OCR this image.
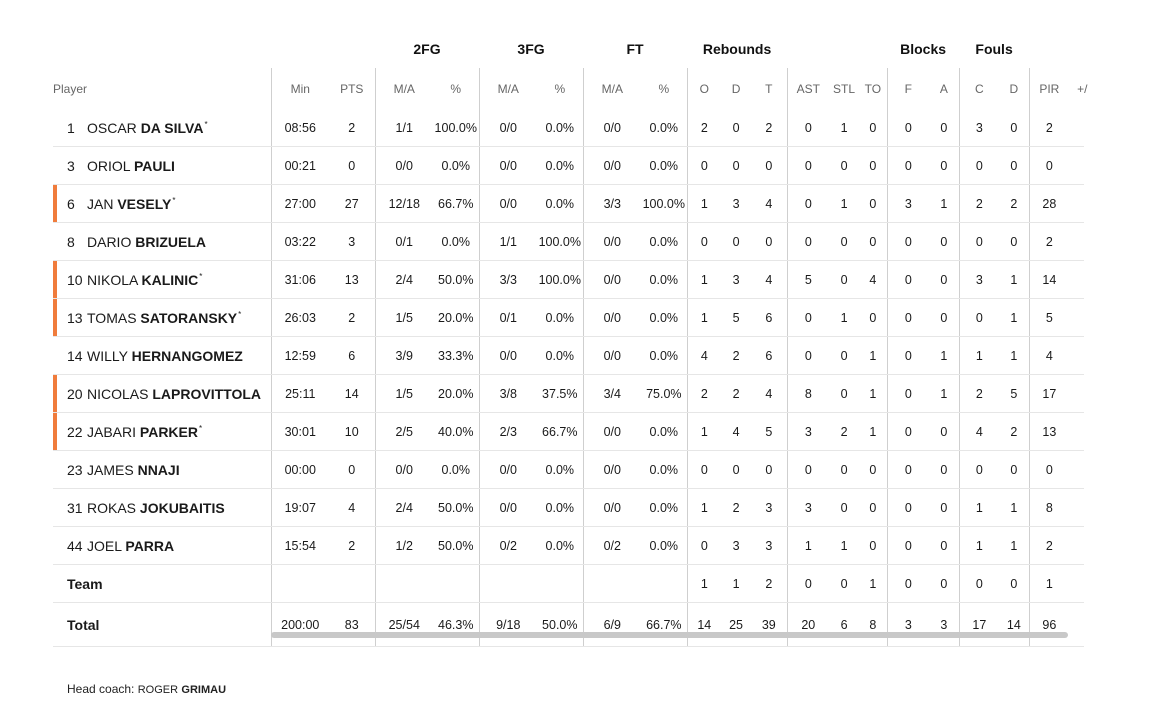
			2FG		3FG		FT		Rebounds						Blocks		Fouls			
Player	Min	PTS	M/A	%	M/A	%	M/A	%	O	D	T	AST	STL	TO	F	A	C	D	PIR	+/

1 OSCAR DA SILVA*	08:56	2	1/1	100.0%	0/0	0.0%	0/0	0.0%	2	0	2	0	1	0	0	0	3	0	2	

3 ORIOL PAULI	00:21	0	0/0	0.0%	0/0	0.0%	0/0	0.0%	0	0	0	0	0	0	0	0	0	0	0	

6 JAN VESELY*	27:00	27	12/18	66.7%	0/0	0.0%	3/3	100.0%	1	3	4	0	1	0	3	1	2	2	28	

8 DARIO BRIZUELA	03:22	3	0/1	0.0%	1/1	100.0%	0/0	0.0%	0	0	0	0	0	0	0	0	0	0	2	

10 NIKOLA KALINIC*	31:06	13	2/4	50.0%	3/3	100.0%	0/0	0.0%	1	3	4	5	0	4	0	0	3	1	14	

13 TOMAS SATORANSKY*	26:03	2	1/5	20.0%	0/1	0.0%	0/0	0.0%	1	5	6	0	1	0	0	0	0	1	5	

14 WILLY HERNANGOMEZ	12:59	6	3/9	33.3%	0/0	0.0%	0/0	0.0%	4	2	6	0	0	1	0	1	1	1	4	

20 NICOLAS LAPROVITTOLA	25:11	14	1/5	20.0%	3/8	37.5%	3/4	75.0%	2	2	4	8	0	1	0	1	2	5	17	

22 JABARI PARKER*	30:01	10	2/5	40.0%	2/3	66.7%	0/0	0.0%	1	4	5	3	2	1	0	0	4	2	13	

23 JAMES NNAJI	00:00	0	0/0	0.0%	0/0	0.0%	0/0	0.0%	0	0	0	0	0	0	0	0	0	0	0	

31 ROKAS JOKUBAITIS	19:07	4	2/4	50.0%	0/0	0.0%	0/0	0.0%	1	2	3	3	0	0	0	0	1	1	8	

44 JOEL PARRA	15:54	2	1/2	50.0%	0/2	0.0%	0/2	0.0%	0	3	3	1	1	0	0	0	1	1	2	
Team									1	1	2	0	0	1	0	0	0	0	1	
Total	200:00	83	25/54	46.3%	9/18	50.0%	6/9	66.7%	14	25	39	20	6	8	3	3	17	14	96	
Head coach: ROGER GRIMAU
